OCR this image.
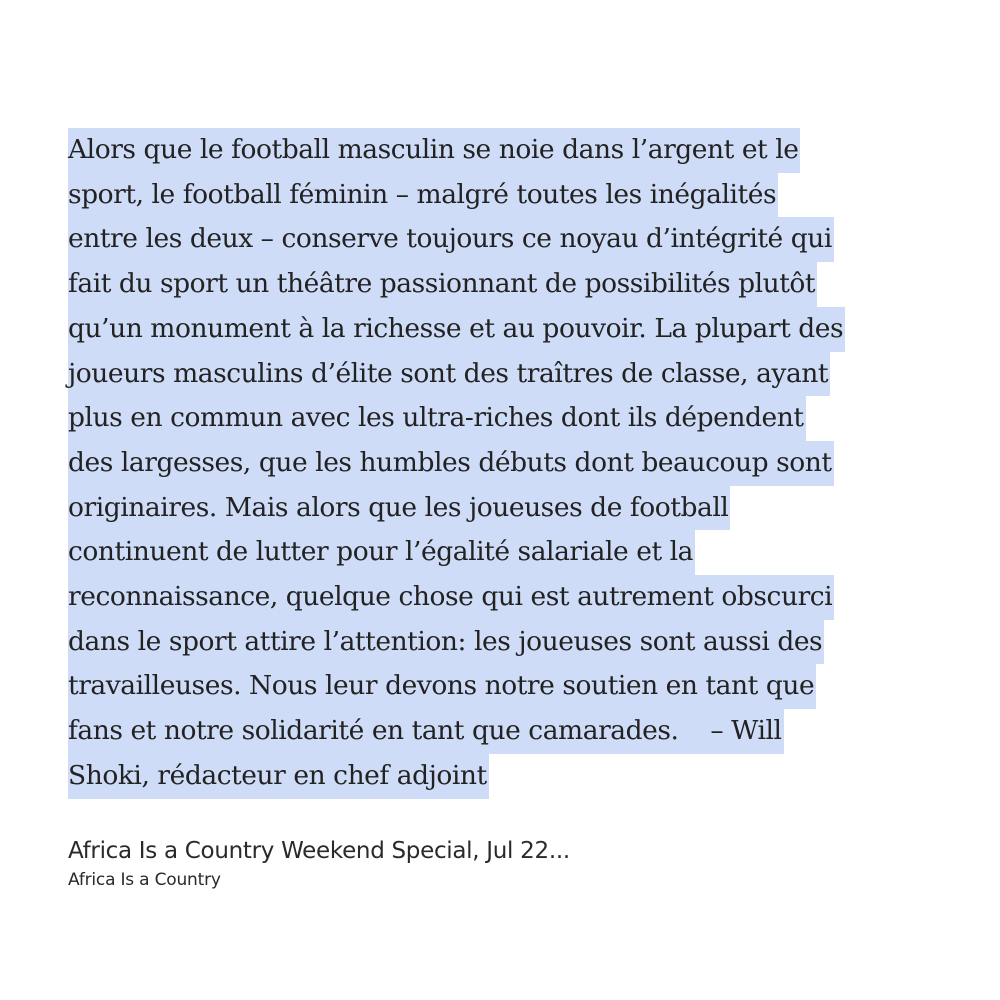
Alors que le football masculin se noie dans l’argent et le
sport, le football féminin – malgré toutes les inégalités
entre les deux – conserve toujours ce noyau d’intégrité qui
fait du sport un théâtre passionnant de possibilités plutôt
qu’un monument à la richesse et au pouvoir. La plupart des
joueurs masculins d’élite sont des traîtres de classe, ayant
plus en commun avec les ultra-riches dont ils dépendent
des largesses, que les humbles débuts dont beaucoup sont
originaires. Mais alors que les joueuses de football
continuent de lutter pour l’égalité salariale et la
reconnaissance, quelque chose qui est autrement obscurci
dans le sport attire l’attention: les joueuses sont aussi des
travailleuses. Nous leur devons notre soutien en tant que
fans et notre solidarité en tant que camarades.    – Will
Shoki, rédacteur en chef adjoint

Africa Is a Country Weekend Special, Jul 22...
Africa Is a Country
